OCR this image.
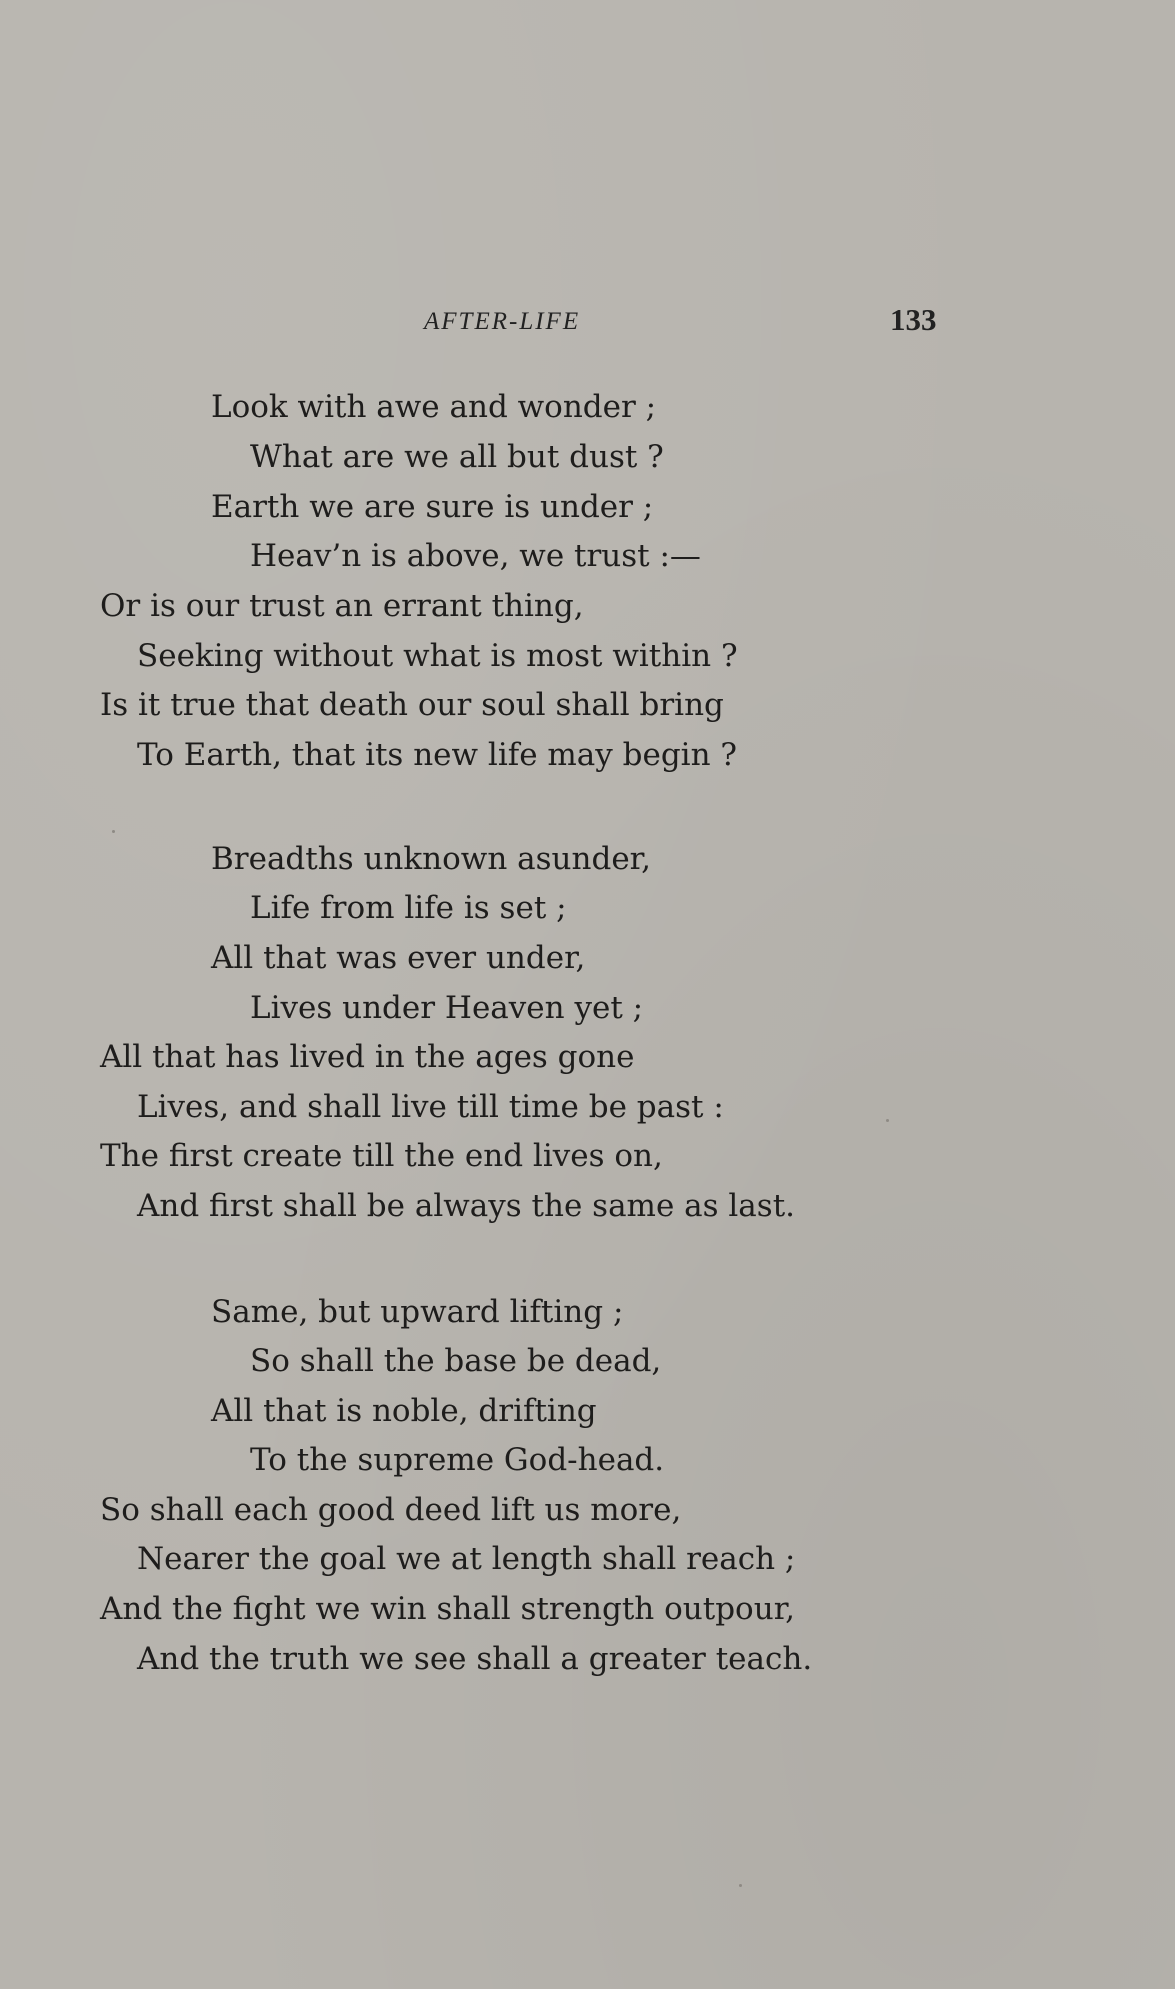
AFTER-LIFE	133
Look with awe and wonder ;
What are we all but dust ?
Earth we are sure is under ;
Heav’n is above, we trust :—
Or is our trust an errant thing,
Seeking without what is most within ?
Is it true that death our soul shall bring
To Earth, that its new life may begin ?
Breadths unknown asunder,
Life from life is set ;
All that was ever under,
Lives under Heaven yet ;
All that has lived in the ages gone
Lives, and shall live till time be past :
The first create till the end lives on,
And first shall be always the same as last.
Same, but upward lifting ;
So shall the base be dead,
All that is noble, drifting
To the supreme God-head.
So shall each good deed lift us more,
Nearer the goal we at length shall reach ;
And the fight we win shall strength outpour,
And the truth we see shall a greater teach.
